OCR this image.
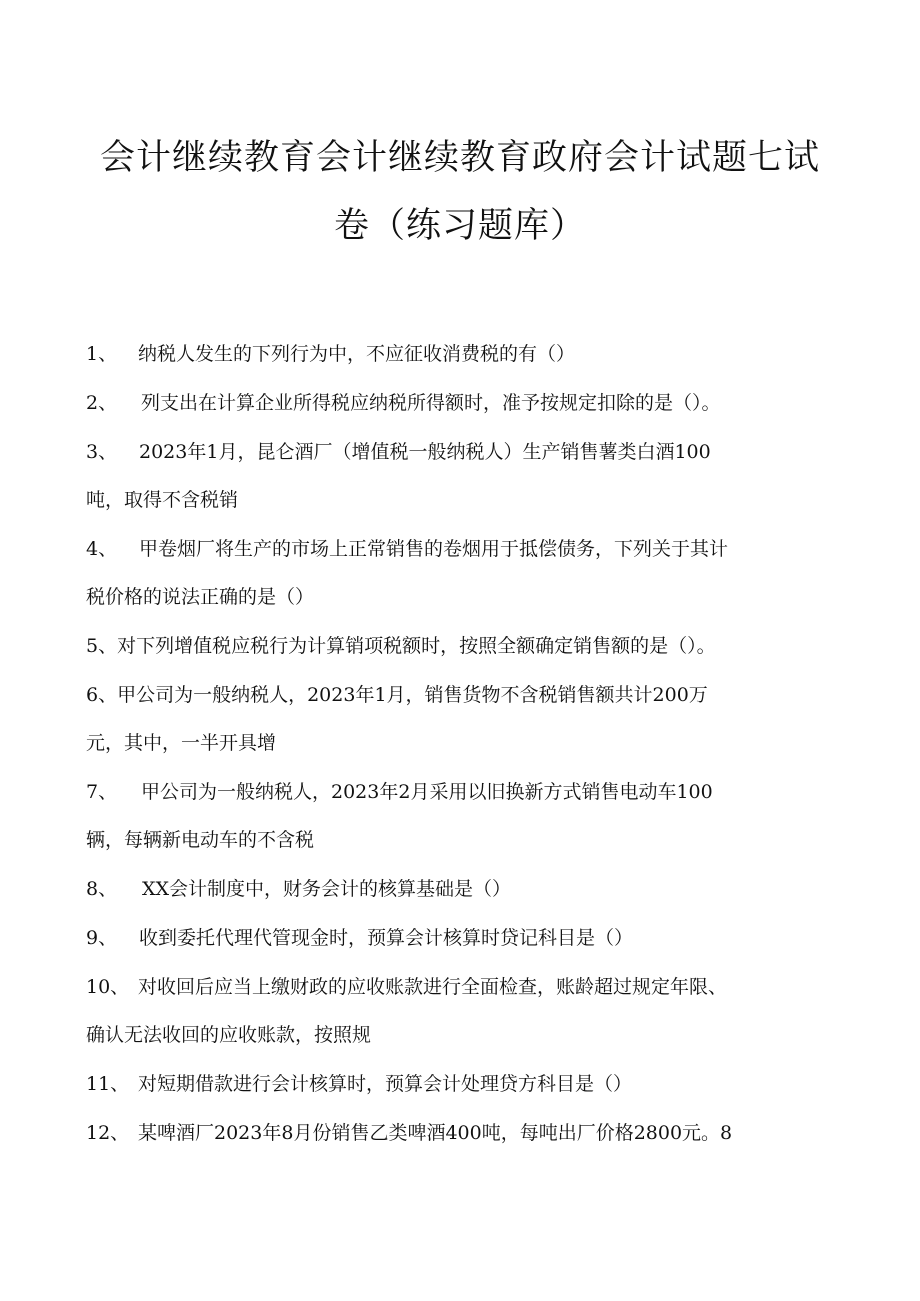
会计继续教育会计继续教育政府会计试题七试
卷（练习题库）
1、 纳税人发生的下列行为中，不应征收消费税的有（）
2、 列支出在计算企业所得税应纳税所得额时，准予按规定扣除的是（）。
3、 2023年1月，昆仑酒厂（增值税一般纳税人）生产销售薯类白酒100
吨，取得不含税销
4、 甲卷烟厂将生产的市场上正常销售的卷烟用于抵偿债务，下列关于其计
税价格的说法正确的是（）
5、对下列增值税应税行为计算销项税额时，按照全额确定销售额的是（）。
6、甲公司为一般纳税人，2023年1月，销售货物不含税销售额共计200万
元，其中，一半开具增
7、 甲公司为一般纳税人，2023年2月采用以旧换新方式销售电动车100
辆，每辆新电动车的不含税
8、 XX会计制度中，财务会计的核算基础是（）
9、 收到委托代理代管现金时，预算会计核算时贷记科目是（）
10、 对收回后应当上缴财政的应收账款进行全面检查，账龄超过规定年限、
确认无法收回的应收账款，按照规
11、 对短期借款进行会计核算时，预算会计处理贷方科目是（）
12、 某啤酒厂2023年8月份销售乙类啤酒400吨，每吨出厂价格2800元。8
